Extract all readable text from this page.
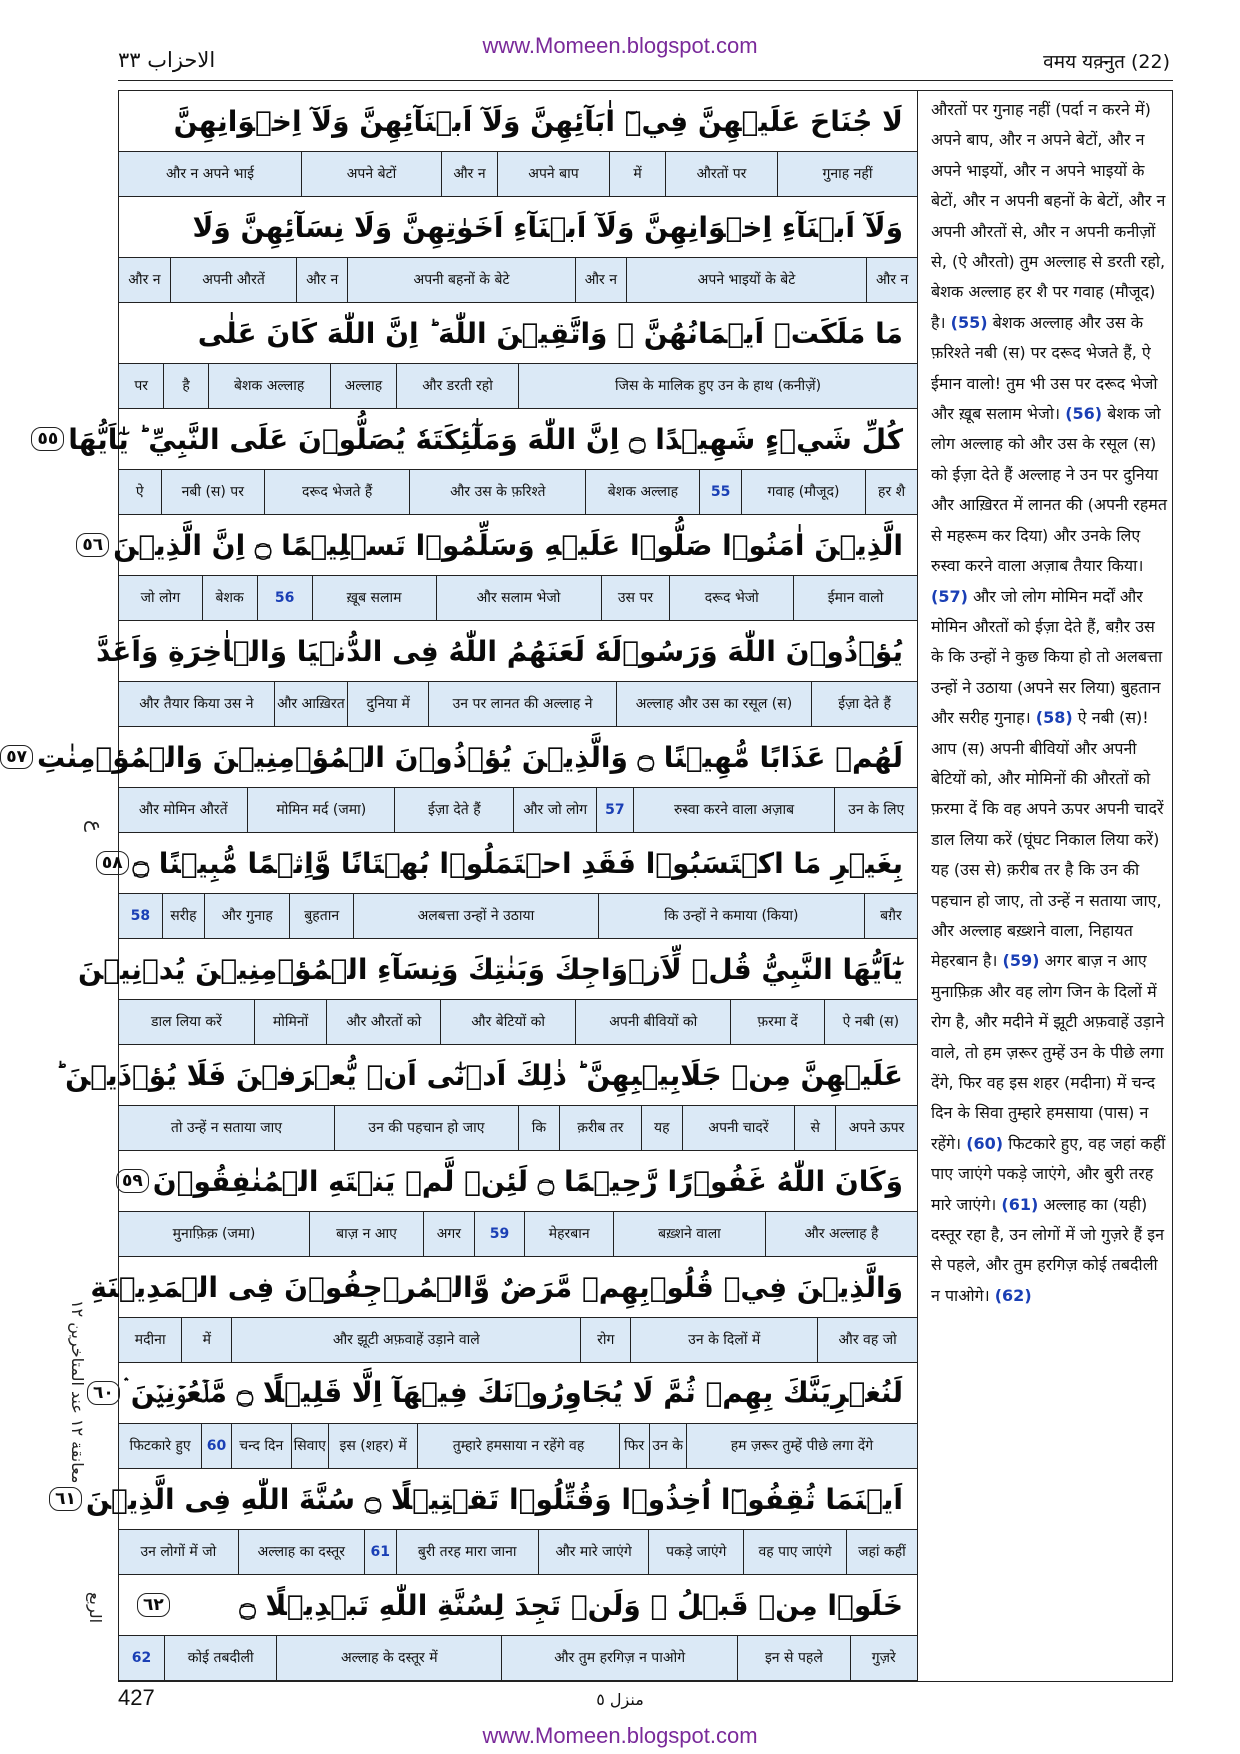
www.Momeen.blogspot.com
الاحزاب ٣٣	वमय यक़्नुत (22)
ع
معانقة ١٢ عند المتاخرين ١٢
الربع
لَا جُنَاحَ عَلَيۡهِنَّ فِيۡٓ اٰبَآئِهِنَّ وَلَآ اَبۡنَآئِهِنَّ وَلَآ اِخۡوَانِهِنَّ
गुनाह नहीं
औरतों पर
में
अपने बाप
और न
अपने बेटों
और न अपने भाई
وَلَآ اَبۡنَآءِ اِخۡوَانِهِنَّ وَلَآ اَبۡنَآءِ اَخَوٰتِهِنَّ وَلَا نِسَآئِهِنَّ وَلَا
और न
अपने भाइयों के बेटे
और न
अपनी बहनों के बेटे
और न
अपनी औरतें
और न
مَا مَلَكَتۡ اَيۡمَانُهُنَّ ۚ وَاتَّقِيۡنَ اللّٰهَ ؕ اِنَّ اللّٰهَ كَانَ عَلٰى
जिस के मालिक हुए उन के हाथ (कनीज़ें)
और डरती रहो
अल्लाह
बेशक अल्लाह
है
पर
كُلِّ شَيۡءٍ شَهِيۡدًا ۝ اِنَّ اللّٰهَ وَمَلٰٓئِكَتَهٗ يُصَلُّوۡنَ عَلَى النَّبِيِّ ؕ يٰٓاَيُّهَا
٥٥
हर शै
गवाह (मौजूद)
55
बेशक अल्लाह
और उस के फ़रिश्ते
दरूद भेजते हैं
नबी (स) पर
ऐ
الَّذِيۡنَ اٰمَنُوۡا صَلُّوۡا عَلَيۡهِ وَسَلِّمُوۡا تَسۡلِيۡمًا ۝ اِنَّ الَّذِيۡنَ
٥٦
ईमान वालो
दरूद भेजो
उस पर
और सलाम भेजो
ख़ूब सलाम
56
बेशक
जो लोग
يُؤۡذُوۡنَ اللّٰهَ وَرَسُوۡلَهٗ لَعَنَهُمُ اللّٰهُ فِى الدُّنۡيَا وَالۡاٰخِرَةِ وَاَعَدَّ
ईज़ा देते हैं
अल्लाह और उस का रसूल (स)
उन पर लानत की अल्लाह ने
दुनिया में
और आख़िरत
और तैयार किया उस ने
لَهُمۡ عَذَابًا مُّهِيۡنًا ۝ وَالَّذِيۡنَ يُؤۡذُوۡنَ الۡمُؤۡمِنِيۡنَ وَالۡمُؤۡمِنٰتِ
٥٧
उन के लिए
रुस्वा करने वाला अज़ाब
57
और जो लोग
ईज़ा देते हैं
मोमिन मर्द (जमा)
और मोमिन औरतें
بِغَيۡرِ مَا اكۡتَسَبُوۡا فَقَدِ احۡتَمَلُوۡا بُهۡتَانًا وَّاِثۡمًا مُّبِيۡنًا ۝
٥٨
बग़ैर
कि उन्हों ने कमाया (किया)
अलबत्ता उन्हों ने उठाया
बुहतान
और गुनाह
सरीह
58
يٰٓاَيُّهَا النَّبِيُّ قُلۡ لِّاَزۡوَاجِكَ وَبَنٰتِكَ وَنِسَآءِ الۡمُؤۡمِنِيۡنَ يُدۡنِيۡنَ
ऐ नबी (स)
फ़रमा दें
अपनी बीवियों को
और बेटियों को
और औरतों को
मोमिनों
डाल लिया करें
عَلَيۡهِنَّ مِنۡ جَلَابِيۡبِهِنَّ ؕ ذٰلِكَ اَدۡنٰٓى اَنۡ يُّعۡرَفۡنَ فَلَا يُؤۡذَيۡنَ ؕ
अपने ऊपर
से
अपनी चादरें
यह
क़रीब तर
कि
उन की पहचान हो जाए
तो उन्हें न सताया जाए
وَكَانَ اللّٰهُ غَفُوۡرًا رَّحِيۡمًا ۝ لَئِنۡ لَّمۡ يَنۡتَهِ الۡمُنٰفِقُوۡنَ
٥٩
और अल्लाह है
बख़्शने वाला
मेहरबान
59
अगर
बाज़ न आए
मुनाफ़िक़ (जमा)
وَالَّذِيۡنَ فِيۡ قُلُوۡبِهِمۡ مَّرَضٌ وَّالۡمُرۡجِفُوۡنَ فِى الۡمَدِيۡنَةِ
और वह जो
उन के दिलों में
रोग
और झूटी अफ़वाहें उड़ाने वाले
में
मदीना
لَنُغۡرِيَنَّكَ بِهِمۡ ثُمَّ لَا يُجَاوِرُوۡنَكَ فِيۡهَآ اِلَّا قَلِيۡلًا ۝ مَّلۡعُوۡنِيۡنَ ۛ
٦٠
हम ज़रूर तुम्हें पीछे लगा देंगे
उन के
फिर
तुम्हारे हमसाया न रहेंगे वह
इस (शहर) में
सिवाए
चन्द दिन
60
फिटकारे हुए
اَيۡنَمَا ثُقِفُوۡٓا اُخِذُوۡا وَقُتِّلُوۡا تَقۡتِيۡلًا ۝ سُنَّةَ اللّٰهِ فِى الَّذِيۡنَ
٦١
जहां कहीं
वह पाए जाएंगे
पकड़े जाएंगे
और मारे जाएंगे
बुरी तरह मारा जाना
61
अल्लाह का दस्तूर
उन लोगों में जो
خَلَوۡا مِنۡ قَبۡلُ ۚ وَلَنۡ تَجِدَ لِسُنَّةِ اللّٰهِ تَبۡدِيۡلًا ۝
٦٢
गुज़रे
इन से पहले
और तुम हरगिज़ न पाओगे
अल्लाह के दस्तूर में
कोई तबदीली
62
औरतों पर गुनाह नहीं (पर्दा न करने में) अपने बाप, और न अपने बेटों, और न अपने भाइयों, और न अपने भाइयों के बेटों, और न अपनी बहनों के बेटों, और न अपनी औरतों से, और न अपनी कनीज़ों से, (ऐ औरतो) तुम अल्लाह से डरती रहो, बेशक अल्लाह हर शै पर गवाह (मौजूद) है। (55) बेशक अल्लाह और उस के फ़रिश्ते नबी (स) पर दरूद भेजते हैं, ऐ ईमान वालो! तुम भी उस पर दरूद भेजो और ख़ूब सलाम भेजो। (56) बेशक जो लोग अल्लाह को और उस के रसूल (स) को ईज़ा देते हैं अल्लाह ने उन पर दुनिया और आख़िरत में लानत की (अपनी रहमत से महरूम कर दिया) और उनके लिए रुस्वा करने वाला अज़ाब तैयार किया। (57) और जो लोग मोमिन मर्दों और मोमिन औरतों को ईज़ा देते हैं, बग़ैर उस के कि उन्हों ने कुछ किया हो तो अलबत्ता उन्हों ने उठाया (अपने सर लिया) बुहतान और सरीह गुनाह। (58) ऐ नबी (स)! आप (स) अपनी बीवियों और अपनी बेटियों को, और मोमिनों की औरतों को फ़रमा दें कि वह अपने ऊपर अपनी चादरें डाल लिया करें (घूंघट निकाल लिया करें) यह (उस से) क़रीब तर है कि उन की पहचान हो जाए, तो उन्हें न सताया जाए, और अल्लाह बख़्शने वाला, निहायत मेहरबान है। (59) अगर बाज़ न आए मुनाफ़िक़ और वह लोग जिन के दिलों में रोग है, और मदीने में झूटी अफ़वाहें उड़ाने वाले, तो हम ज़रूर तुम्हें उन के पीछे लगा देंगे, फिर वह इस शहर (मदीना) में चन्द दिन के सिवा तुम्हारे हमसाया (पास) न रहेंगे। (60) फिटकारे हुए, वह जहां कहीं पाए जाएंगे पकड़े जाएंगे, और बुरी तरह मारे जाएंगे। (61) अल्लाह का (यही) दस्तूर रहा है, उन लोगों में जो गुज़रे हैं इन से पहले, और तुम हरगिज़ कोई तबदीली न पाओगे। (62)
427	منزل ٥
www.Momeen.blogspot.com
